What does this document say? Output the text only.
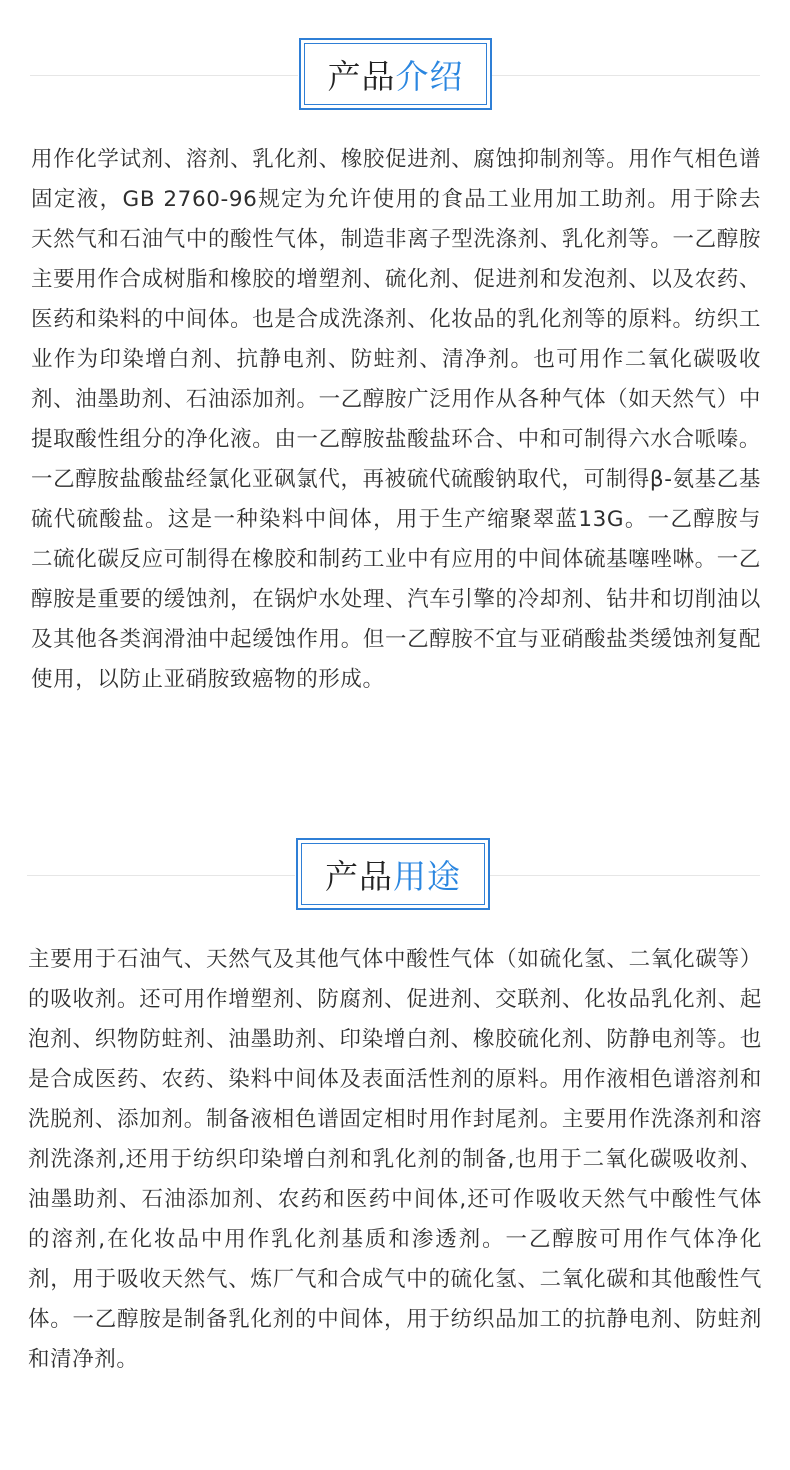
产品 介绍

用作化学试剂、溶剂、乳化剂、橡胶促进剂、腐蚀抑制剂等。用作气相色谱固定液，GB 2760-96规定为允许使用的食品工业用加工助剂。用于除去天然气和石油气中的酸性气体，制造非离子型洗涤剂、乳化剂等。一乙醇胺主要用作合成树脂和橡胶的增塑剂、硫化剂、促进剂和发泡剂、以及农药、医药和染料的中间体。也是合成洗涤剂、化妆品的乳化剂等的原料。纺织工业作为印染增白剂、抗静电剂、防蛀剂、清净剂。也可用作二氧化碳吸收剂、油墨助剂、石油添加剂。一乙醇胺广泛用作从各种气体（如天然气）中提取酸性组分的净化液。由一乙醇胺盐酸盐环合、中和可制得六水合哌嗪。一乙醇胺盐酸盐经氯化亚砜氯代，再被硫代硫酸钠取代，可制得β-氨基乙基硫代硫酸盐。这是一种染料中间体，用于生产缩聚翠蓝13G。一乙醇胺与二硫化碳反应可制得在橡胶和制药工业中有应用的中间体硫基噻唑啉。一乙醇胺是重要的缓蚀剂，在锅炉水处理、汽车引擎的冷却剂、钻井和切削油以及其他各类润滑油中起缓蚀作用。但一乙醇胺不宜与亚硝酸盐类缓蚀剂复配使用，以防止亚硝胺致癌物的形成。

产品 用途

主要用于石油气、天然气及其他气体中酸性气体（如硫化氢、二氧化碳等）的吸收剂。还可用作增塑剂、防腐剂、促进剂、交联剂、化妆品乳化剂、起泡剂、织物防蛀剂、油墨助剂、印染增白剂、橡胶硫化剂、防静电剂等。也是合成医药、农药、染料中间体及表面活性剂的原料。用作液相色谱溶剂和洗脱剂、添加剂。制备液相色谱固定相时用作封尾剂。主要用作洗涤剂和溶剂洗涤剂,还用于纺织印染增白剂和乳化剂的制备,也用于二氧化碳吸收剂、油墨助剂、石油添加剂、农药和医药中间体,还可作吸收天然气中酸性气体的溶剂,在化妆品中用作乳化剂基质和渗透剂。一乙醇胺可用作气体净化剂，用于吸收天然气、炼厂气和合成气中的硫化氢、二氧化碳和其他酸性气体。一乙醇胺是制备乳化剂的中间体，用于纺织品加工的抗静电剂、防蛀剂和清净剂。
